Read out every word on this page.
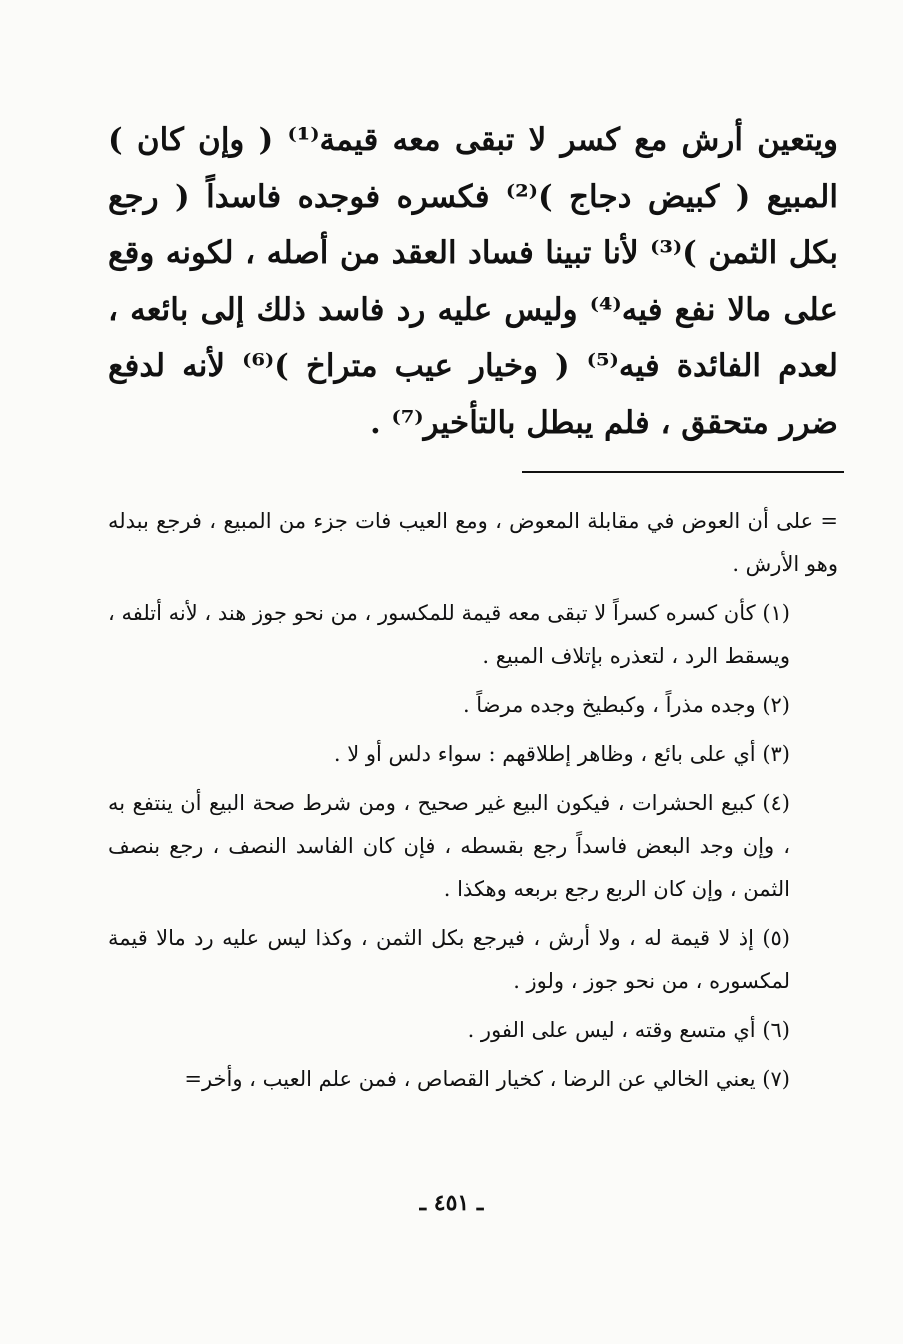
ويتعين أرش مع كسر لا تبقى معه قيمة⁽¹⁾ ( وإن كان ) المبيع ( كبيض دجاج )⁽²⁾ فكسره فوجده فاسداً ( رجع بكل الثمن )⁽³⁾ لأنا تبينا فساد العقد من أصله ، لكونه وقع على مالا نفع فيه⁽⁴⁾ وليس عليه رد فاسد ذلك إلى بائعه ، لعدم الفائدة فيه⁽⁵⁾ ( وخيار عيب متراخ )⁽⁶⁾ لأنه لدفع ضرر متحقق ، فلم يبطل بالتأخير⁽⁷⁾ .

= على أن العوض في مقابلة المعوض ، ومع العيب فات جزء من المبيع ، فرجع ببدله وهو الأرش .

(١) كأن كسره كسراً لا تبقى معه قيمة للمكسور ، من نحو جوز هند ، لأنه أتلفه ، ويسقط الرد ، لتعذره بإتلاف المبيع .

(٢) وجده مذراً ، وكبطيخ وجده مرضاً .

(٣) أي على بائع ، وظاهر إطلاقهم : سواء دلس أو لا .

(٤) كبيع الحشرات ، فيكون البيع غير صحيح ، ومن شرط صحة البيع أن ينتفع به ، وإن وجد البعض فاسداً رجع بقسطه ، فإن كان الفاسد النصف ، رجع بنصف الثمن ، وإن كان الربع رجع بربعه وهكذا .

(٥) إذ لا قيمة له ، ولا أرش ، فيرجع بكل الثمن ، وكذا ليس عليه رد مالا قيمة لمكسوره ، من نحو جوز ، ولوز .

(٦) أي متسع وقته ، ليس على الفور .

(٧) يعني الخالي عن الرضا ، كخيار القصاص ، فمن علم العيب ، وأخر=

ـ ٤٥١ ـ
